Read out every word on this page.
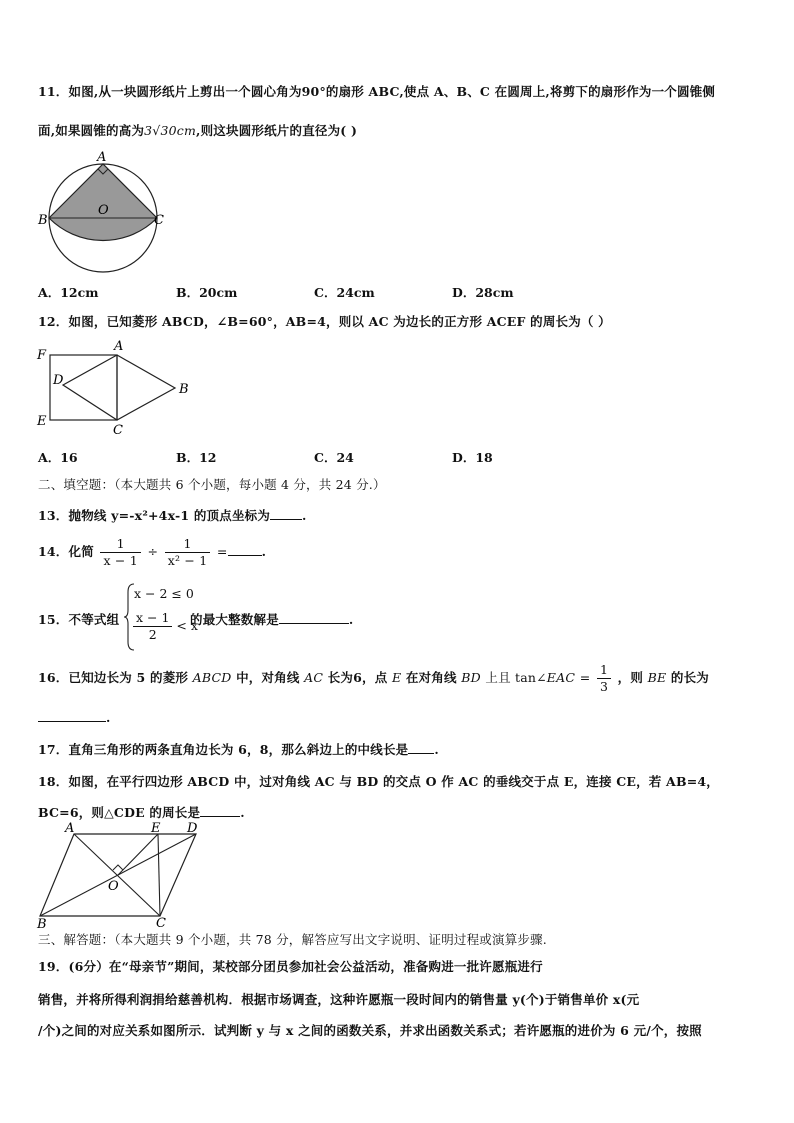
11．如图,从一块圆形纸片上剪出一个圆心角为90°的扇形 ABC,使点 A、B、C 在圆周上,将剪下的扇形作为一个圆锥侧
面,如果圆锥的高为3√30cm,则这块圆形纸片的直径为( )
A
O
B	C
A．12cm	B．20cm	C．24cm	D．28cm
12．如图，已知菱形 ABCD，∠B=60°，AB=4，则以 AC 为边长的正方形 ACEF 的周长为（ ）
F
A
D
B
E
C
A．16	B．12	C．24	D．18
二、填空题：（本大题共 6 个小题，每小题 4 分，共 24 分.）
13．抛物线 y=-x²+4x-1 的顶点坐标为	.
14．化简 $\frac{1}{x - 1} \div \frac{1}{\text{x² − 1}}$ =	.
15．不等式组
x − 2 ≤ 0
$\frac{x - 1}{2} < x$
的最大整数解是	.
16．已知边长为 5 的菱形 ABCD 中，对角线 AC 长为6，点 E 在对角线 BD 上且 tan∠EAC = $\frac{1}{3}$ ，则 BE 的长为
.
17．直角三角形的两条直角边长为 6，8，那么斜边上的中线长是 .
18．如图，在平行四边形 ABCD 中，过对角线 AC 与 BD 的交点 O 作 AC 的垂线交于点 E，连接 CE，若 AB=4，
BC=6，则△CDE 的周长是	.
A	E D
O
B	C
三、解答题：（本大题共 9 个小题，共 78 分，解答应写出文字说明、证明过程或演算步骤.
19．(6分）在“母亲节”期间，某校部分团员参加社会公益活动，准备购进一批许愿瓶进行
销售，并将所得利润捐给慈善机构．根据市场调查，这种许愿瓶一段时间内的销售量 y(个)于销售单价 x(元
/个)之间的对应关系如图所示．试判断 y 与 x 之间的函数关系，并求出函数关系式；若许愿瓶的进价为 6 元/个，按照
